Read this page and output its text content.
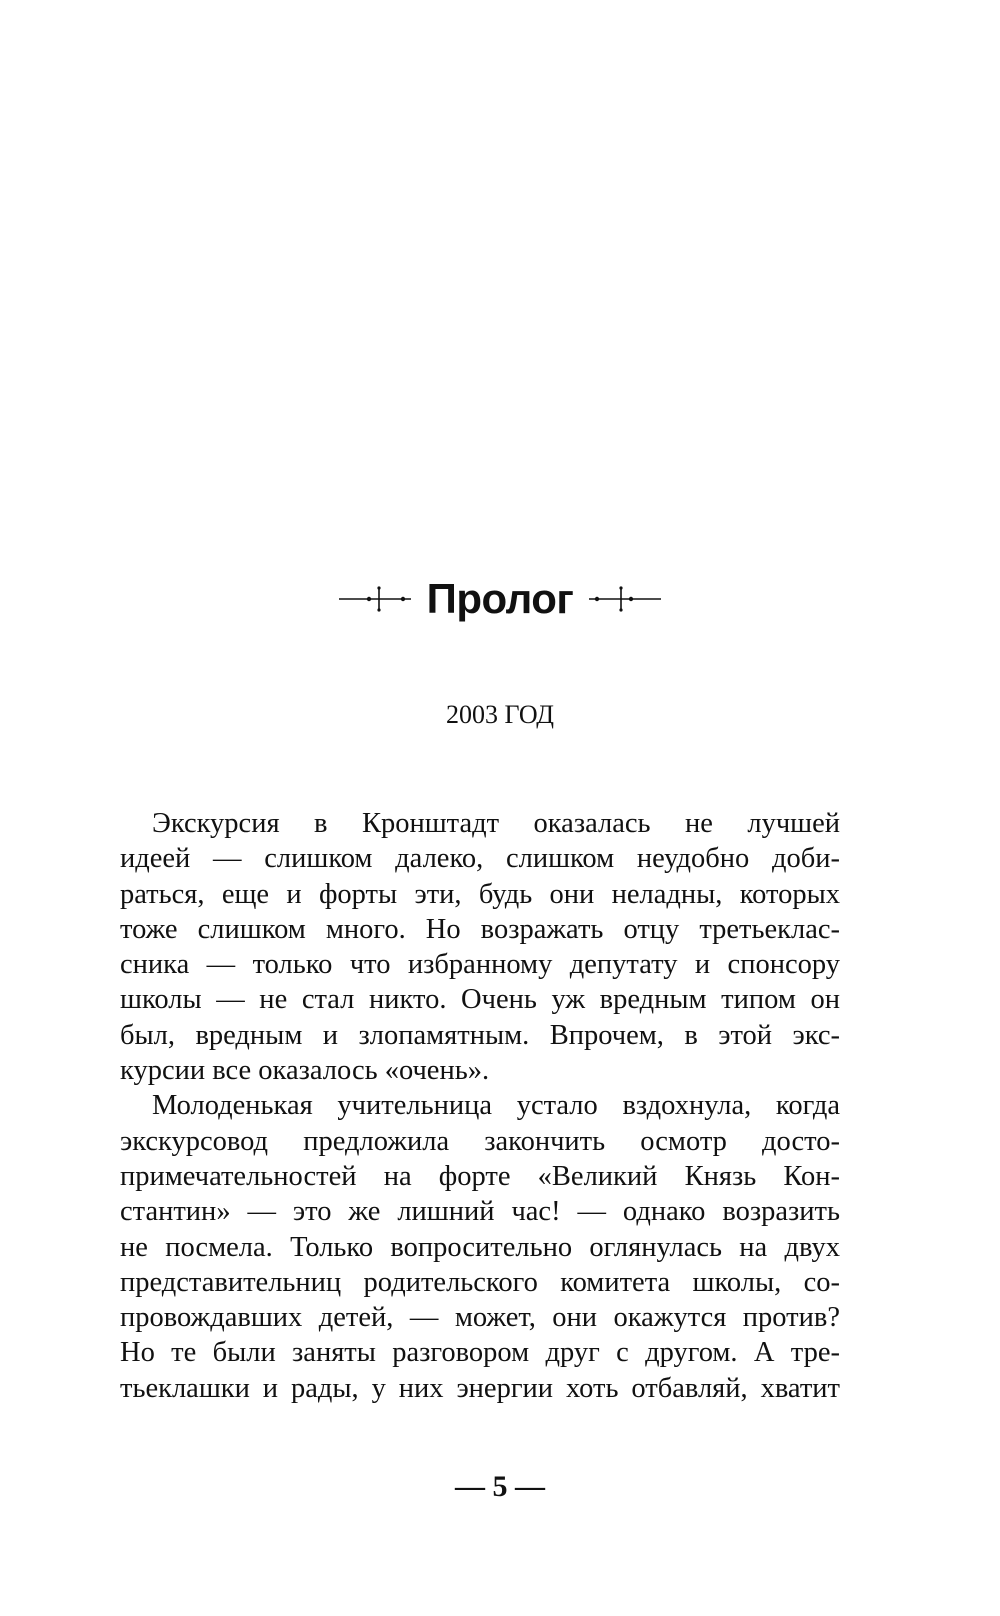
Пролог
2003 ГОД
Экскурсия в Кронштадт оказалась не лучшей
идеей — слишком далеко, слишком неудобно доби-
раться, еще и форты эти, будь они неладны, которых
тоже слишком много. Но возражать отцу третьеклас-
сника — только что избранному депутату и спонсору
школы — не стал никто. Очень уж вредным типом он
был, вредным и злопамятным. Впрочем, в этой экс-
курсии все оказалось «очень».
Молоденькая учительница устало вздохнула, когда
экскурсовод предложила закончить осмотр досто-
примечательностей на форте «Великий Князь Кон-
стантин» — это же лишний час! — однако возразить
не посмела. Только вопросительно оглянулась на двух
представительниц родительского комитета школы, со-
провождавших детей, — может, они окажутся против?
Но те были заняты разговором друг с другом. А тре-
тьеклашки и рады, у них энергии хоть отбавляй, хватит
— 5 —
